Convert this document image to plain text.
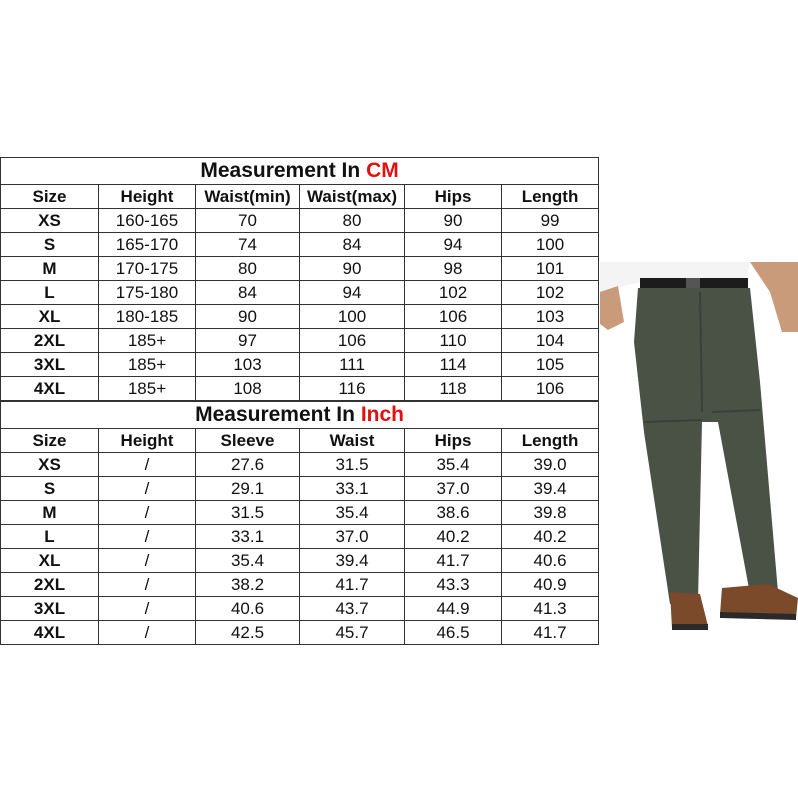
Measurement In CM					
Size	Height	Waist(min)	Waist(max)	Hips	Length
XS	160-165	70	80	90	99
S	165-170	74	84	94	100
M	170-175	80	90	98	101
L	175-180	84	94	102	102
XL	180-185	90	100	106	103
2XL	185+	97	106	110	104
3XL	185+	103	111	114	105
4XL	185+	108	116	118	106
Measurement In Inch					
Size	Height	Sleeve	Waist	Hips	Length
XS	/	27.6	31.5	35.4	39.0
S	/	29.1	33.1	37.0	39.4
M	/	31.5	35.4	38.6	39.8
L	/	33.1	37.0	40.2	40.2
XL	/	35.4	39.4	41.7	40.6
2XL	/	38.2	41.7	43.3	40.9
3XL	/	40.6	43.7	44.9	41.3
4XL	/	42.5	45.7	46.5	41.7
